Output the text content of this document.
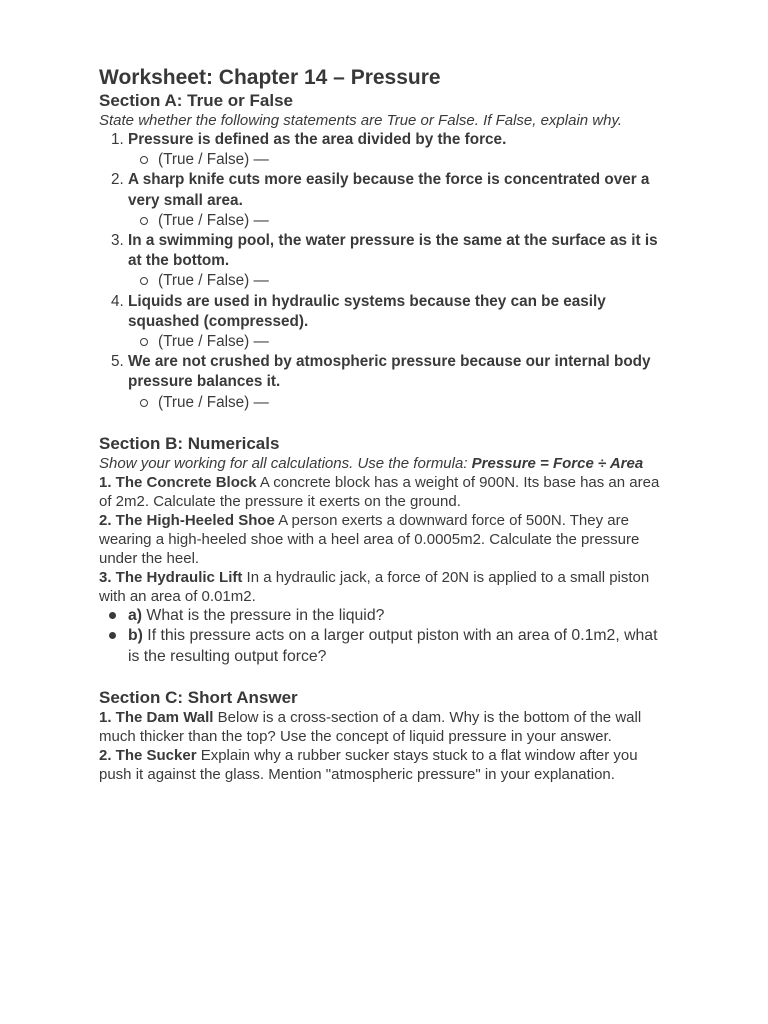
Worksheet: Chapter 14 – Pressure
Section A: True or False

State whether the following statements are True or False. If False, explain why.

1. Pressure is defined as the area divided by the force.
(True / False) —
2. A sharp knife cuts more easily because the force is concentrated over a very small area.
(True / False) —
3. In a swimming pool, the water pressure is the same at the surface as it is at the bottom.
(True / False) —
4. Liquids are used in hydraulic systems because they can be easily squashed (compressed).
(True / False) —
5. We are not crushed by atmospheric pressure because our internal body pressure balances it.
(True / False) —
Section B: Numericals

Show your working for all calculations. Use the formula: Pressure = Force ÷ Area

1. The Concrete Block A concrete block has a weight of 900N. Its base has an area of 2m2. Calculate the pressure it exerts on the ground.

2. The High-Heeled Shoe A person exerts a downward force of 500N. They are wearing a high-heeled shoe with a heel area of 0.0005m2. Calculate the pressure under the heel.

3. The Hydraulic Lift In a hydraulic jack, a force of 20N is applied to a small piston with an area of 0.01m2.

a) What is the pressure in the liquid?
b) If this pressure acts on a larger output piston with an area of 0.1m2, what is the resulting output force?
Section C: Short Answer

1. The Dam Wall Below is a cross-section of a dam. Why is the bottom of the wall much thicker than the top? Use the concept of liquid pressure in your answer.

2. The Sucker Explain why a rubber sucker stays stuck to a flat window after you push it against the glass. Mention "atmospheric pressure" in your explanation.
